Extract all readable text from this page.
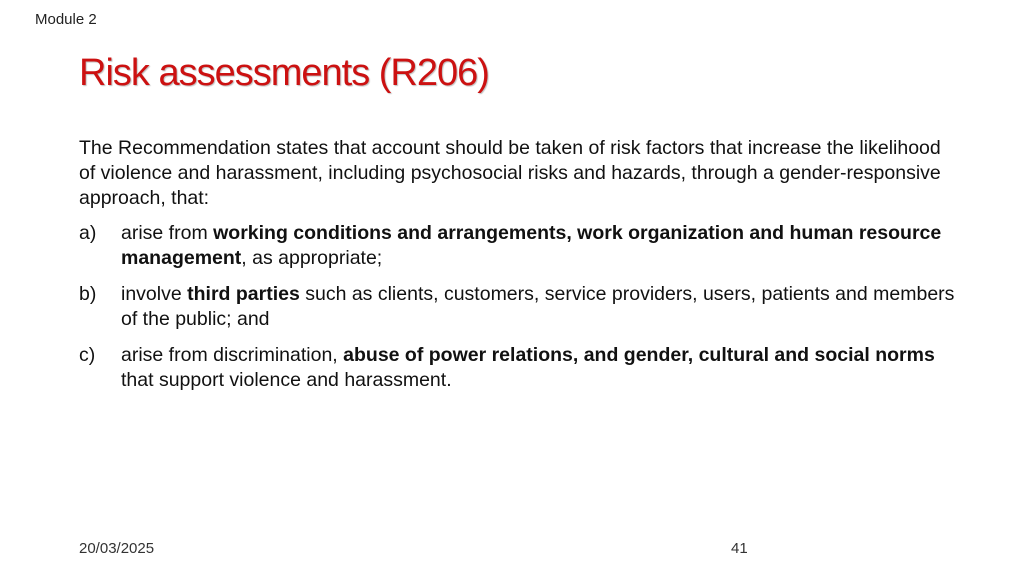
Module 2
Risk assessments (R206)

The Recommendation states that account should be taken of risk factors that increase the likelihood of violence and harassment, including psychosocial risks and hazards, through a gender-responsive approach, that:

a)	arise from working conditions and arrangements, work organization and human resource management, as appropriate;
b)	involve third parties such as clients, customers, service providers, users, patients and members of the public; and
c)	arise from discrimination, abuse of power relations, and gender, cultural and social norms that support violence and harassment.
20/03/2025	41
